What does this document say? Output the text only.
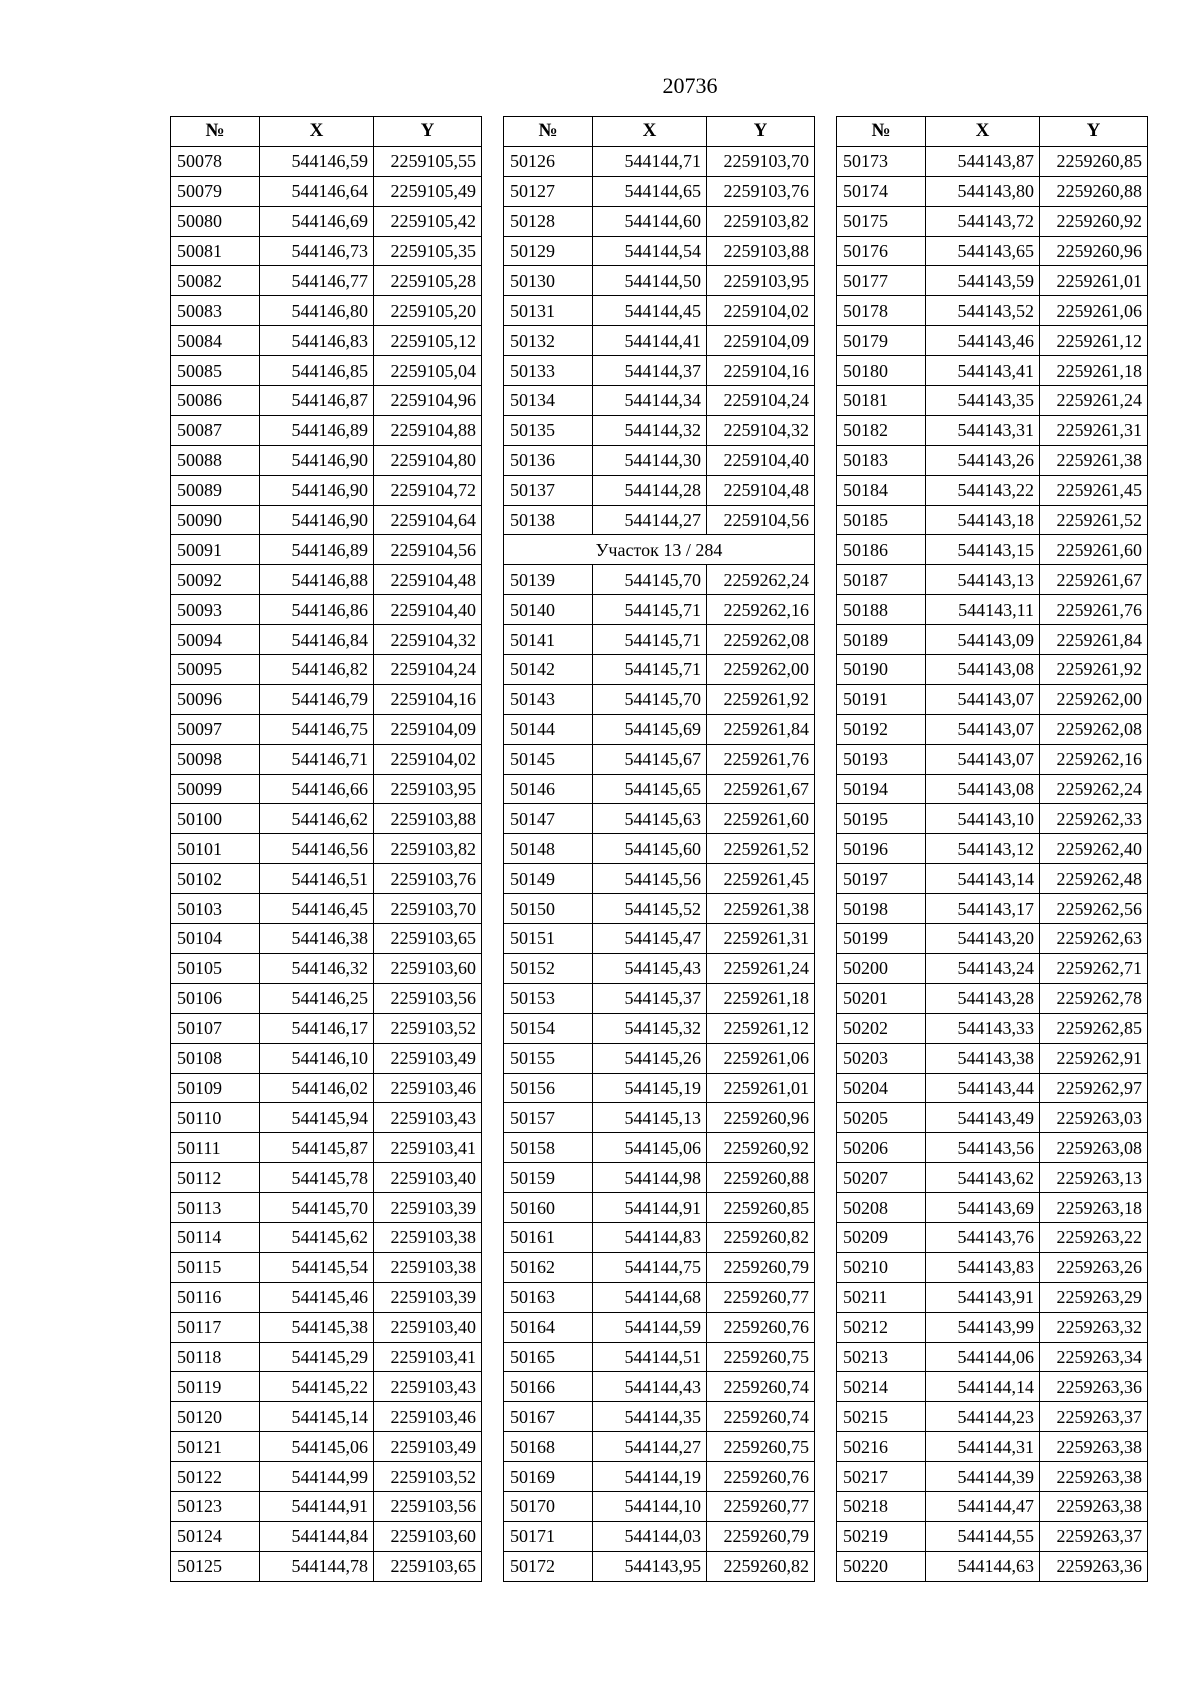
20736
№	X	Y
50078	544146,59	2259105,55
50079	544146,64	2259105,49
50080	544146,69	2259105,42
50081	544146,73	2259105,35
50082	544146,77	2259105,28
50083	544146,80	2259105,20
50084	544146,83	2259105,12
50085	544146,85	2259105,04
50086	544146,87	2259104,96
50087	544146,89	2259104,88
50088	544146,90	2259104,80
50089	544146,90	2259104,72
50090	544146,90	2259104,64
50091	544146,89	2259104,56
50092	544146,88	2259104,48
50093	544146,86	2259104,40
50094	544146,84	2259104,32
50095	544146,82	2259104,24
50096	544146,79	2259104,16
50097	544146,75	2259104,09
50098	544146,71	2259104,02
50099	544146,66	2259103,95
50100	544146,62	2259103,88
50101	544146,56	2259103,82
50102	544146,51	2259103,76
50103	544146,45	2259103,70
50104	544146,38	2259103,65
50105	544146,32	2259103,60
50106	544146,25	2259103,56
50107	544146,17	2259103,52
50108	544146,10	2259103,49
50109	544146,02	2259103,46
50110	544145,94	2259103,43
50111	544145,87	2259103,41
50112	544145,78	2259103,40
50113	544145,70	2259103,39
50114	544145,62	2259103,38
50115	544145,54	2259103,38
50116	544145,46	2259103,39
50117	544145,38	2259103,40
50118	544145,29	2259103,41
50119	544145,22	2259103,43
50120	544145,14	2259103,46
50121	544145,06	2259103,49
50122	544144,99	2259103,52
50123	544144,91	2259103,56
50124	544144,84	2259103,60
50125	544144,78	2259103,65
№	X	Y
50126	544144,71	2259103,70
50127	544144,65	2259103,76
50128	544144,60	2259103,82
50129	544144,54	2259103,88
50130	544144,50	2259103,95
50131	544144,45	2259104,02
50132	544144,41	2259104,09
50133	544144,37	2259104,16
50134	544144,34	2259104,24
50135	544144,32	2259104,32
50136	544144,30	2259104,40
50137	544144,28	2259104,48
50138	544144,27	2259104,56
Участок 13 / 284		
50139	544145,70	2259262,24
50140	544145,71	2259262,16
50141	544145,71	2259262,08
50142	544145,71	2259262,00
50143	544145,70	2259261,92
50144	544145,69	2259261,84
50145	544145,67	2259261,76
50146	544145,65	2259261,67
50147	544145,63	2259261,60
50148	544145,60	2259261,52
50149	544145,56	2259261,45
50150	544145,52	2259261,38
50151	544145,47	2259261,31
50152	544145,43	2259261,24
50153	544145,37	2259261,18
50154	544145,32	2259261,12
50155	544145,26	2259261,06
50156	544145,19	2259261,01
50157	544145,13	2259260,96
50158	544145,06	2259260,92
50159	544144,98	2259260,88
50160	544144,91	2259260,85
50161	544144,83	2259260,82
50162	544144,75	2259260,79
50163	544144,68	2259260,77
50164	544144,59	2259260,76
50165	544144,51	2259260,75
50166	544144,43	2259260,74
50167	544144,35	2259260,74
50168	544144,27	2259260,75
50169	544144,19	2259260,76
50170	544144,10	2259260,77
50171	544144,03	2259260,79
50172	544143,95	2259260,82
№	X	Y
50173	544143,87	2259260,85
50174	544143,80	2259260,88
50175	544143,72	2259260,92
50176	544143,65	2259260,96
50177	544143,59	2259261,01
50178	544143,52	2259261,06
50179	544143,46	2259261,12
50180	544143,41	2259261,18
50181	544143,35	2259261,24
50182	544143,31	2259261,31
50183	544143,26	2259261,38
50184	544143,22	2259261,45
50185	544143,18	2259261,52
50186	544143,15	2259261,60
50187	544143,13	2259261,67
50188	544143,11	2259261,76
50189	544143,09	2259261,84
50190	544143,08	2259261,92
50191	544143,07	2259262,00
50192	544143,07	2259262,08
50193	544143,07	2259262,16
50194	544143,08	2259262,24
50195	544143,10	2259262,33
50196	544143,12	2259262,40
50197	544143,14	2259262,48
50198	544143,17	2259262,56
50199	544143,20	2259262,63
50200	544143,24	2259262,71
50201	544143,28	2259262,78
50202	544143,33	2259262,85
50203	544143,38	2259262,91
50204	544143,44	2259262,97
50205	544143,49	2259263,03
50206	544143,56	2259263,08
50207	544143,62	2259263,13
50208	544143,69	2259263,18
50209	544143,76	2259263,22
50210	544143,83	2259263,26
50211	544143,91	2259263,29
50212	544143,99	2259263,32
50213	544144,06	2259263,34
50214	544144,14	2259263,36
50215	544144,23	2259263,37
50216	544144,31	2259263,38
50217	544144,39	2259263,38
50218	544144,47	2259263,38
50219	544144,55	2259263,37
50220	544144,63	2259263,36
